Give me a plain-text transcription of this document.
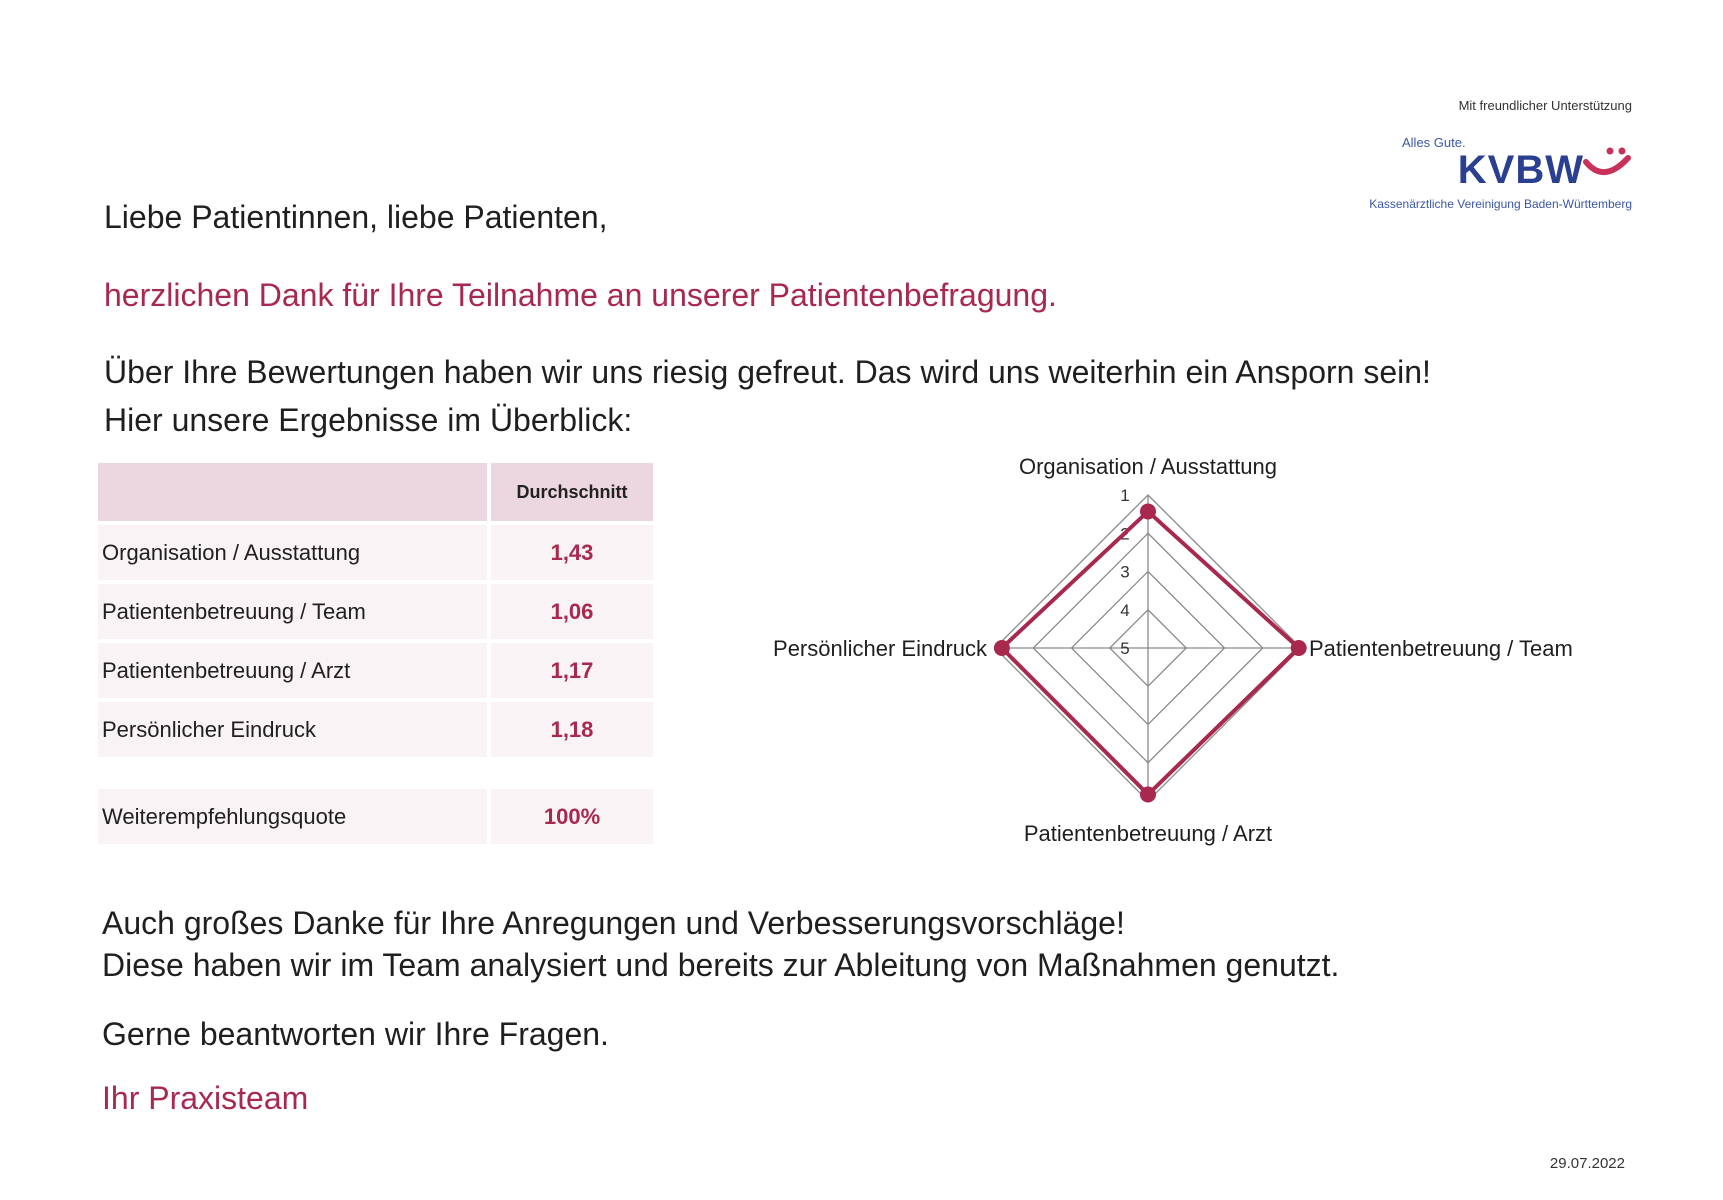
Mit freundlicher Unterstützung
Alles Gute.
KVBW
Kassenärztliche Vereinigung Baden-Württemberg
Liebe Patientinnen, liebe Patienten,
herzlichen Dank für Ihre Teilnahme an unserer Patientenbefragung.
Über Ihre Bewertungen haben wir uns riesig gefreut. Das wird uns weiterhin ein Ansporn sein!
Hier unsere Ergebnisse im Überblick:
Durchschnitt
Organisation / Ausstattung	1,43
Patientenbetreuung / Team	1,06
Patientenbetreuung / Arzt	1,17
Persönlicher Eindruck	1,18
Weiterempfehlungsquote	100%
1
2
3
4
5
Organisation / Ausstattung
Patientenbetreuung / Team
Patientenbetreuung / Arzt
Persönlicher Eindruck
Auch großes Danke für Ihre Anregungen und Verbesserungsvorschläge!
Diese haben wir im Team analysiert und bereits zur Ableitung von Maßnahmen genutzt.
Gerne beantworten wir Ihre Fragen.
Ihr Praxisteam
29.07.2022
